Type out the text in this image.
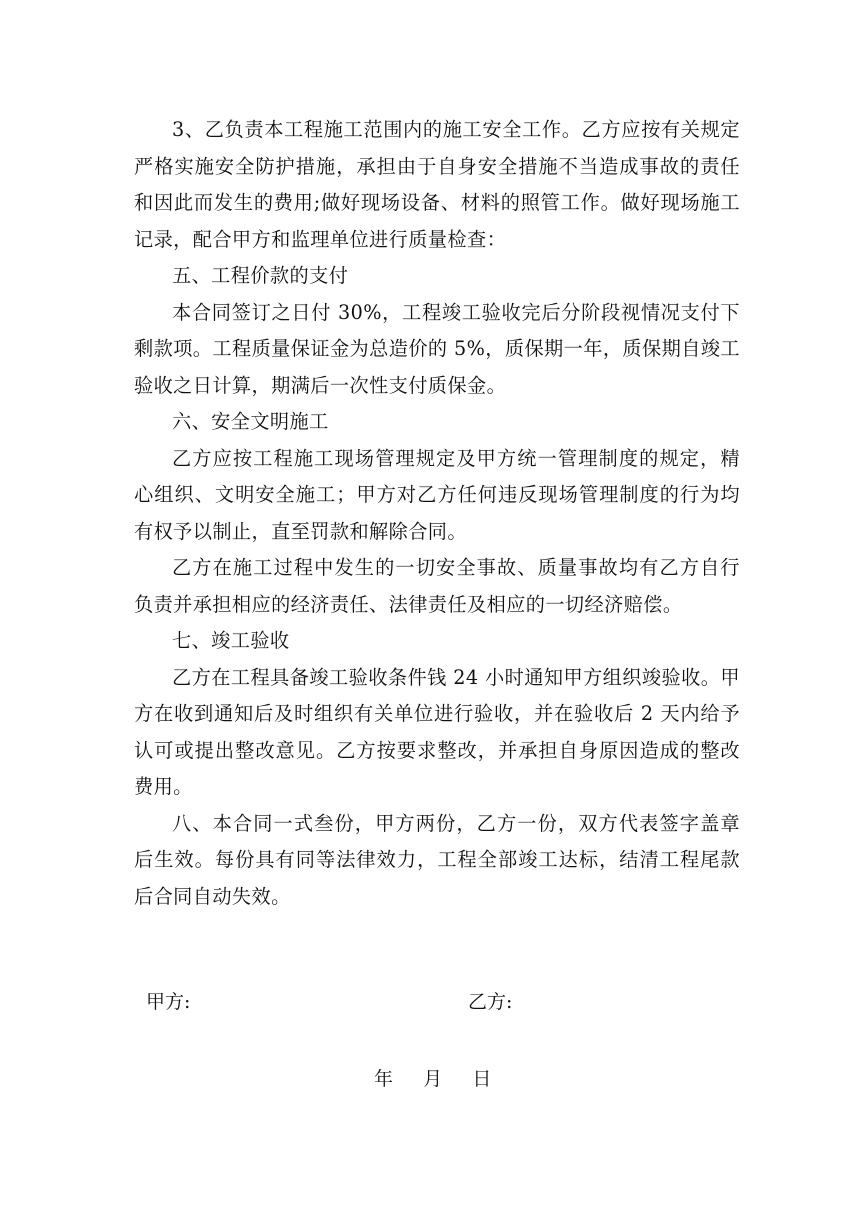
3、乙负责本工程施工范围内的施工安全工作。乙方应按有关规定严格实施安全防护措施，承担由于自身安全措施不当造成事故的责任和因此而发生的费用;做好现场设备、材料的照管工作。做好现场施工记录，配合甲方和监理单位进行质量检查：

五、工程价款的支付

本合同签订之日付 30%，工程竣工验收完后分阶段视情况支付下剩款项。工程质量保证金为总造价的 5%，质保期一年，质保期自竣工验收之日计算，期满后一次性支付质保金。

六、安全文明施工

乙方应按工程施工现场管理规定及甲方统一管理制度的规定，精心组织、文明安全施工；甲方对乙方任何违反现场管理制度的行为均有权予以制止，直至罚款和解除合同。

乙方在施工过程中发生的一切安全事故、质量事故均有乙方自行负责并承担相应的经济责任、法律责任及相应的一切经济赔偿。

七、竣工验收

乙方在工程具备竣工验收条件钱 24 小时通知甲方组织竣验收。甲方在收到通知后及时组织有关单位进行验收，并在验收后 2 天内给予认可或提出整改意见。乙方按要求整改，并承担自身原因造成的整改费用。

八、本合同一式叁份，甲方两份，乙方一份，双方代表签字盖章后生效。每份具有同等法律效力，工程全部竣工达标，结清工程尾款后合同自动失效。

甲方:	乙方:
年     月     日
